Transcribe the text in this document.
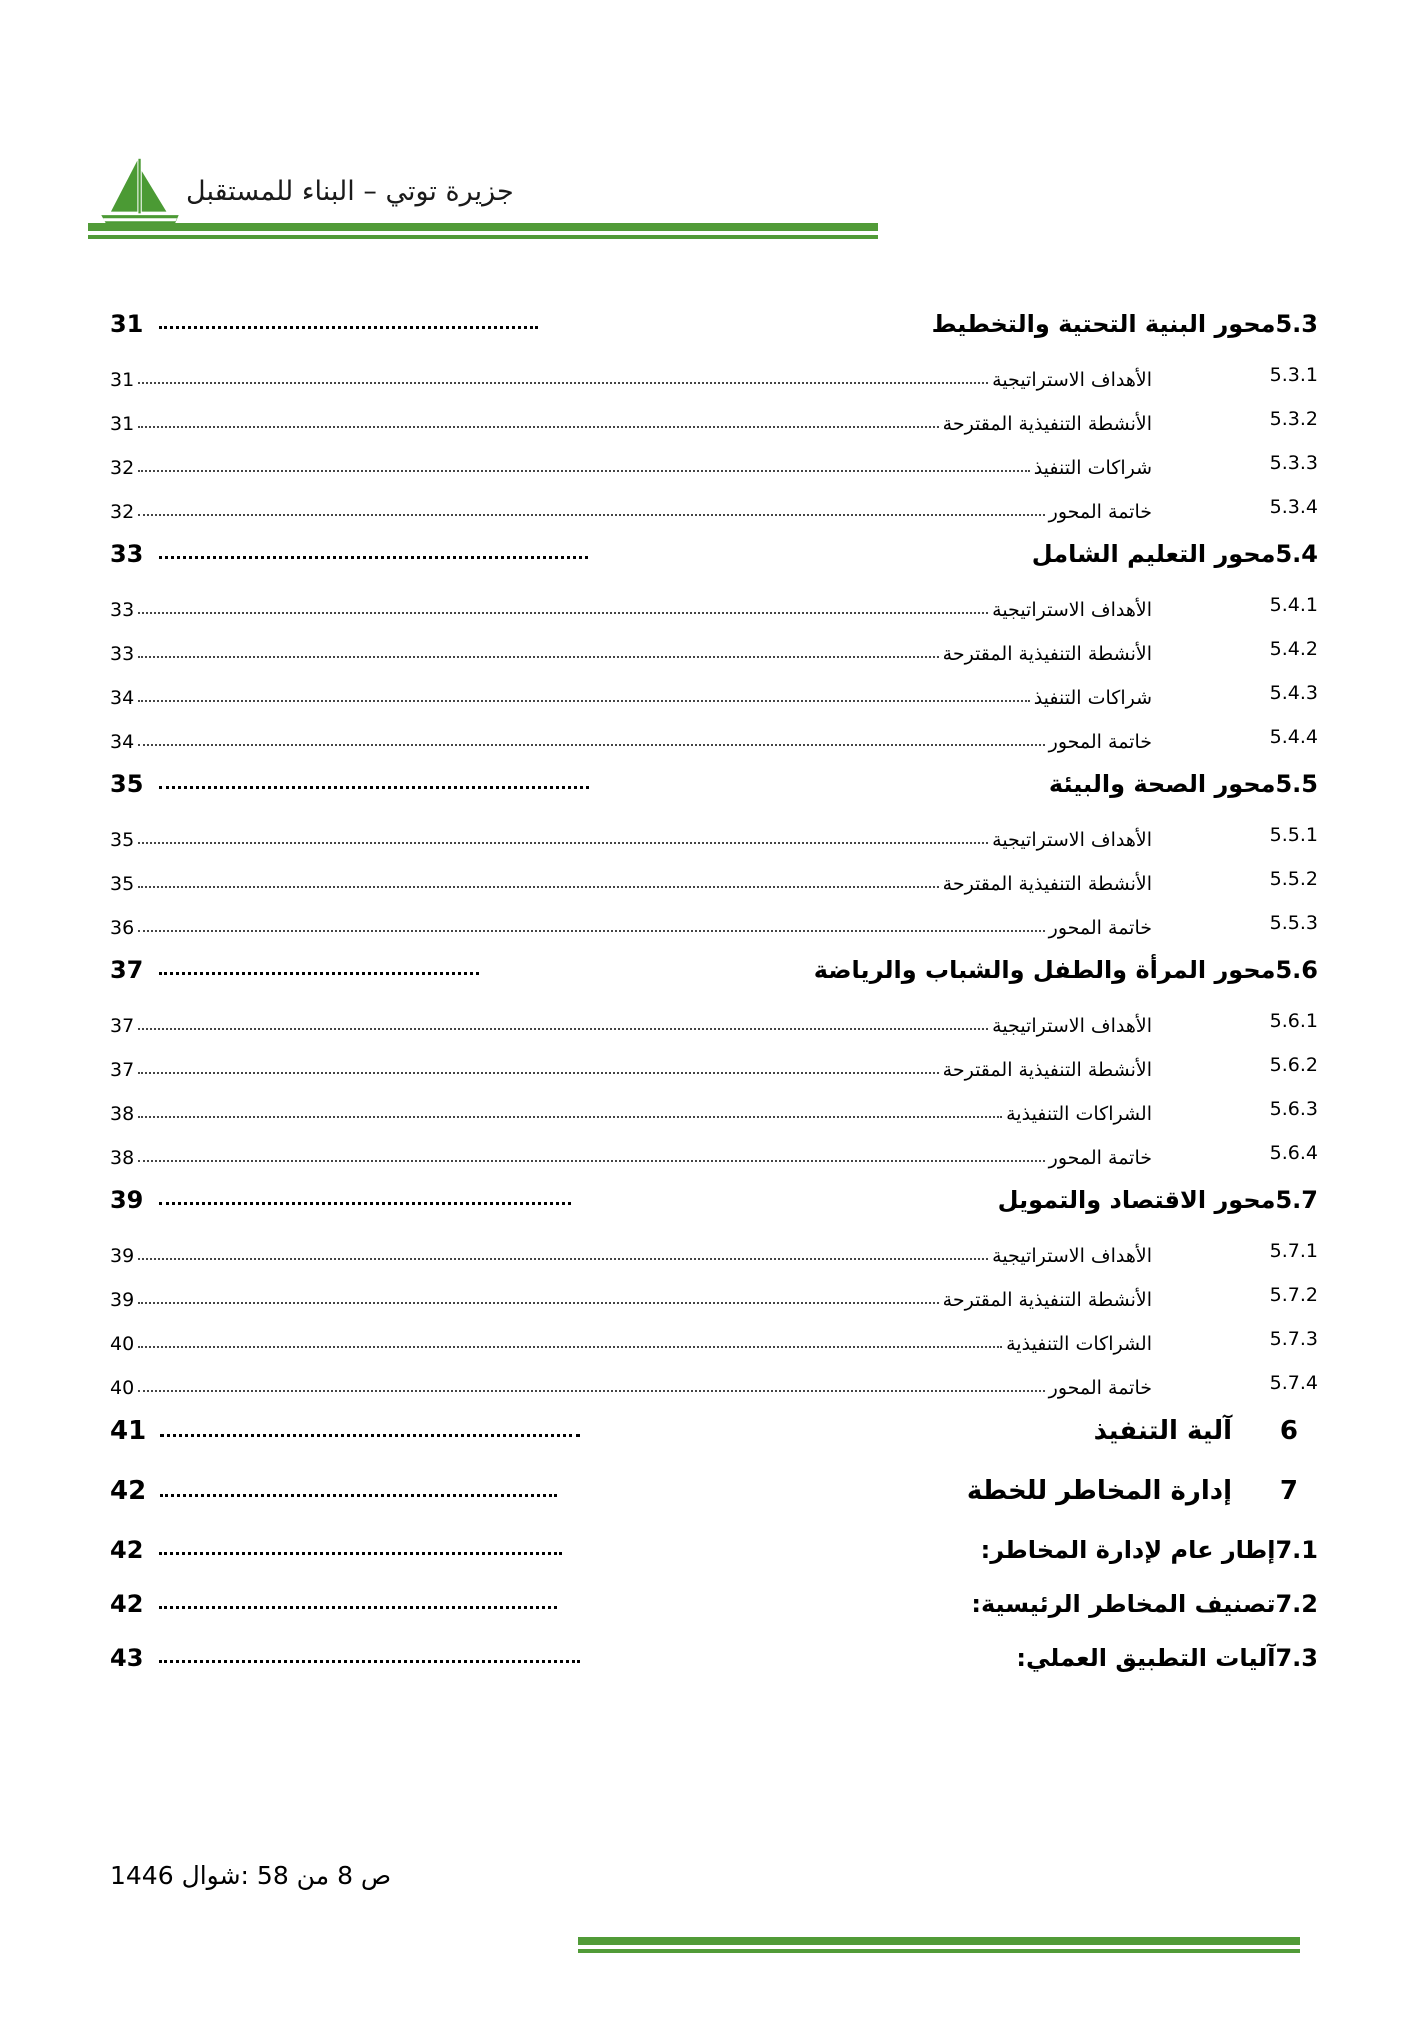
جزيرة توتي – البناء للمستقبل
5.3محور البنية التحتية والتخطيط
31
5.3.1
الأهداف الاستراتيجية
31
5.3.2
الأنشطة التنفيذية المقترحة
31
5.3.3
شراكات التنفيذ
32
5.3.4
خاتمة المحور
32
5.4محور التعليم الشامل
33
5.4.1
الأهداف الاستراتيجية
33
5.4.2
الأنشطة التنفيذية المقترحة
33
5.4.3
شراكات التنفيذ
34
5.4.4
خاتمة المحور
34
5.5محور الصحة والبيئة
35
5.5.1
الأهداف الاستراتيجية
35
5.5.2
الأنشطة التنفيذية المقترحة
35
5.5.3
خاتمة المحور
36
5.6محور المرأة والطفل والشباب والرياضة
37
5.6.1
الأهداف الاستراتيجية
37
5.6.2
الأنشطة التنفيذية المقترحة
37
5.6.3
الشراكات التنفيذية
38
5.6.4
خاتمة المحور
38
5.7محور الاقتصاد والتمويل
39
5.7.1
الأهداف الاستراتيجية
39
5.7.2
الأنشطة التنفيذية المقترحة
39
5.7.3
الشراكات التنفيذية
40
5.7.4
خاتمة المحور
40
6
آلية التنفيذ
41
7
إدارة المخاطر للخطة
42
7.1إطار عام لإدارة المخاطر:
42
7.2تصنيف المخاطر الرئيسية:
42
7.3آليات التطبيق العملي:
43
ص 8 من 58 :شوال 1446
